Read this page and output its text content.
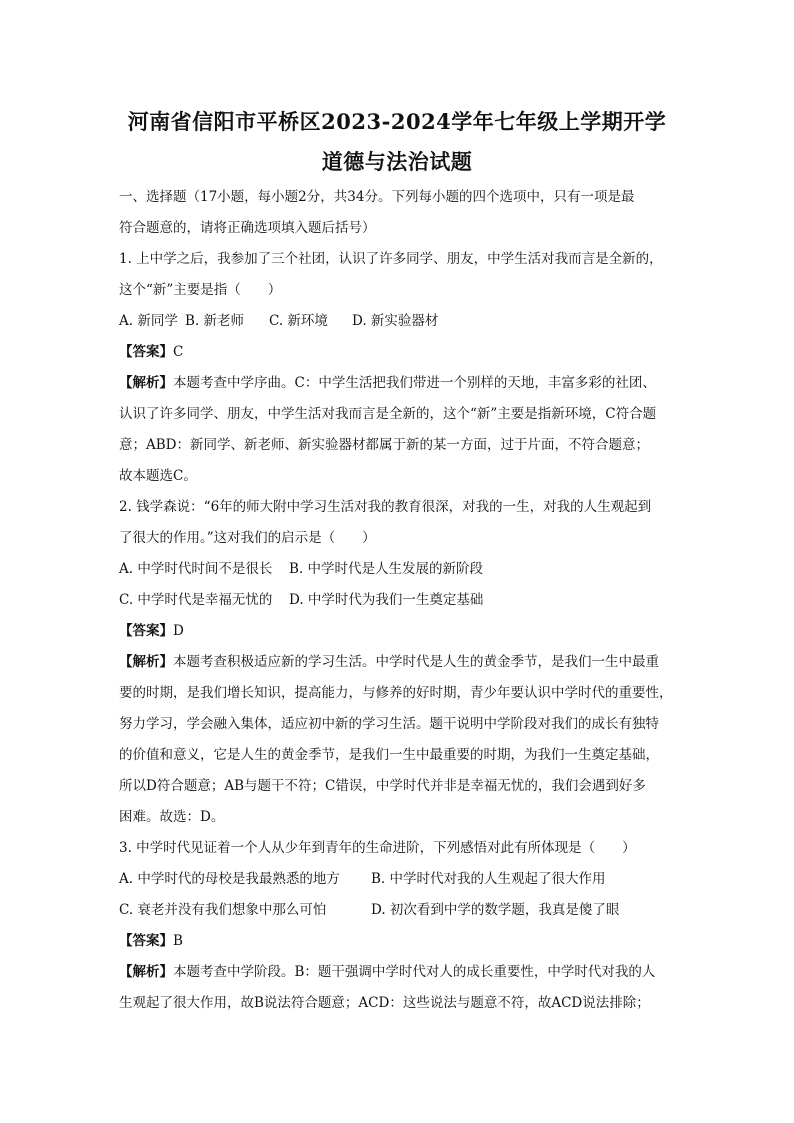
河南省信阳市平桥区2023-2024学年七年级上学期开学
道德与法治试题
一、选择题（17小题，每小题2分，共34分。下列每小题的四个选项中，只有一项是最
符合题意的，请将正确选项填入题后括号）
1. 上中学之后，我参加了三个社团，认识了许多同学、朋友，中学生活对我而言是全新的，
这个“新”主要是指（　　）
A. 新同学 B. 新老师 C. 新环境 D. 新实验器材
【答案】C
【解析】本题考查中学序曲。C：中学生活把我们带进一个别样的天地，丰富多彩的社团、
认识了许多同学、朋友，中学生活对我而言是全新的，这个“新”主要是指新环境，C符合题
意；ABD：新同学、新老师、新实验器材都属于新的某一方面，过于片面，不符合题意；
故本题选C。
2. 钱学森说：“6年的师大附中学习生活对我的教育很深，对我的一生，对我的人生观起到
了很大的作用。”这对我们的启示是（　　）
A. 中学时代时间不是很长 B. 中学时代是人生发展的新阶段
C. 中学时代是幸福无忧的 D. 中学时代为我们一生奠定基础
【答案】D
【解析】本题考查积极适应新的学习生活。中学时代是人生的黄金季节，是我们一生中最重
要的时期，是我们增长知识，提高能力，与修养的好时期，青少年要认识中学时代的重要性，
努力学习，学会融入集体，适应初中新的学习生活。题干说明中学阶段对我们的成长有独特
的价值和意义，它是人生的黄金季节，是我们一生中最重要的时期，为我们一生奠定基础，
所以D符合题意；AB与题干不符；C错误，中学时代并非是幸福无忧的，我们会遇到好多
困难。故选：D。
3. 中学时代见证着一个人从少年到青年的生命进阶，下列感悟对此有所体现是（　　）
A. 中学时代的母校是我最熟悉的地方 B. 中学时代对我的人生观起了很大作用
C. 衰老并没有我们想象中那么可怕	D. 初次看到中学的数学题，我真是傻了眼
【答案】B
【解析】本题考查中学阶段。B：题干强调中学时代对人的成长重要性，中学时代对我的人
生观起了很大作用，故B说法符合题意；ACD：这些说法与题意不符，故ACD说法排除；
